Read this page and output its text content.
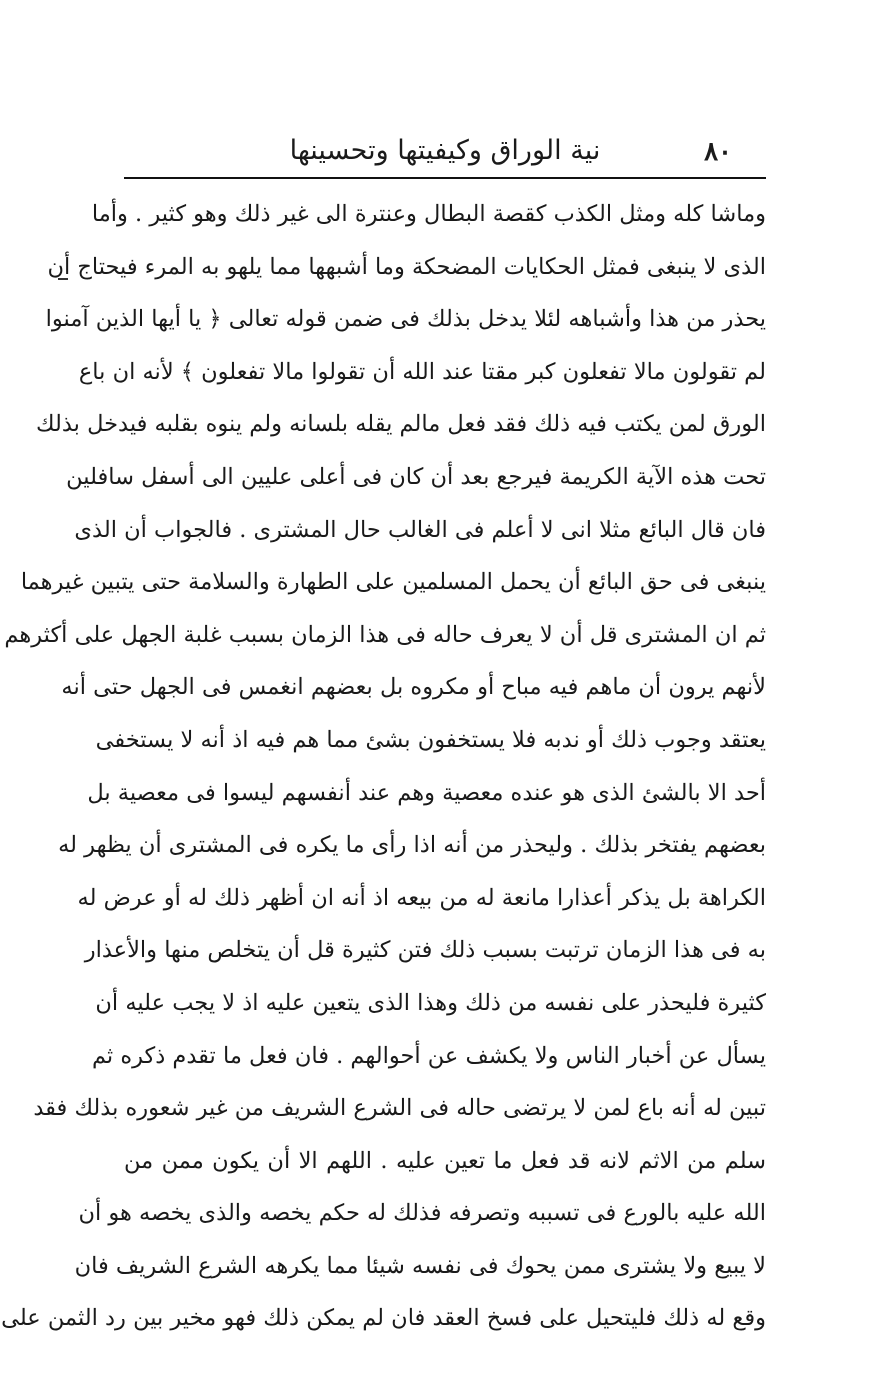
٨٠
نية الوراق وكيفيتها وتحسينها
وماشا كله ومثل الكذب كقصة البطال وعنترة الى غير ذلك وهو كثير . وأما
الذى لا ينبغى فمثل الحكايات المضحكة وما أشبهها مما يلهو به المرء فيحتاج أن
يحذر من هذا وأشباهه لئلا يدخل بذلك فى ضمن قوله تعالى ﴿ يا أيها الذين آمنوا
لم تقولون مالا تفعلون كبر مقتا عند الله أن تقولوا مالا تفعلون ﴾ لأنه ان باع
الورق لمن يكتب فيه ذلك فقد فعل مالم يقله بلسانه ولم ينوه بقلبه فيدخل بذلك
تحت هذه الآية الكريمة فيرجع بعد أن كان فى أعلى عليين الى أسفل سافلين
فان قال البائع مثلا انى لا أعلم فى الغالب حال المشترى . فالجواب أن الذى
ينبغى فى حق البائع أن يحمل المسلمين على الطهارة والسلامة حتى يتبين غيرهما
ثم ان المشترى قل أن لا يعرف حاله فى هذا الزمان بسبب غلبة الجهل على أكثرهم
لأنهم يرون أن ماهم فيه مباح أو مكروه بل بعضهم انغمس فى الجهل حتى أنه
يعتقد وجوب ذلك أو ندبه فلا يستخفون بشئ مما هم فيه اذ أنه لا يستخفى
أحد الا بالشئ الذى هو عنده معصية وهم عند أنفسهم ليسوا فى معصية بل
بعضهم يفتخر بذلك . وليحذر من أنه اذا رأى ما يكره فى المشترى أن يظهر له
الكراهة بل يذكر أعذارا مانعة له من بيعه اذ أنه ان أظهر ذلك له أو عرض له
به فى هذا الزمان ترتبت بسبب ذلك فتن كثيرة قل أن يتخلص منها والأعذار
كثيرة فليحذر على نفسه من ذلك وهذا الذى يتعين عليه اذ لا يجب عليه أن
يسأل عن أخبار الناس ولا يكشف عن أحوالهم . فان فعل ما تقدم ذكره ثم
تبين له أنه باع لمن لا يرتضى حاله فى الشرع الشريف من غير شعوره بذلك فقد
سلم من الاثم لانه قد فعل ما تعين عليه . اللهم الا أن يكون ممن من
الله عليه بالورع فى تسببه وتصرفه فذلك له حكم يخصه والذى يخصه هو أن
لا يبيع ولا يشترى ممن يحوك فى نفسه شيئا مما يكرهه الشرع الشريف فان
وقع له ذلك فليتحيل على فسخ العقد فان لم يمكن ذلك فهو مخير بين رد الثمن على
